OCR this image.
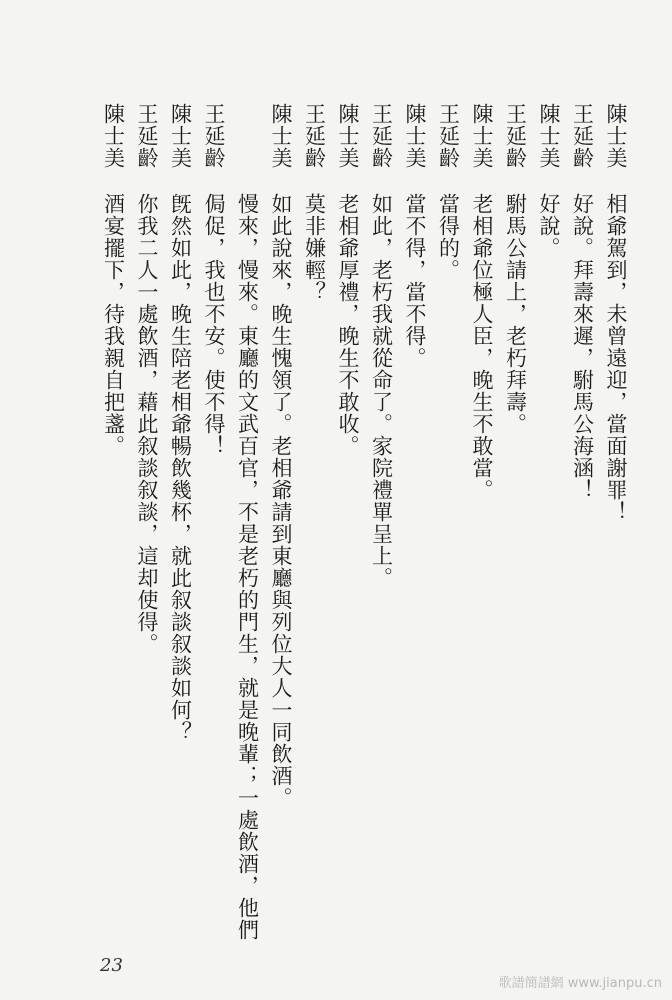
陳士美相爺駕到，未曾遠迎，當面謝罪！
王延齡好說。拜壽來遲，駙馬公海涵！
陳士美好說。
王延齡駙馬公請上，老朽拜壽。
陳士美老相爺位極人臣，晚生不敢當。
王延齡當得的。
陳士美當不得，當不得。
王延齡如此，老朽我就從命了。家院禮單呈上。
陳士美老相爺厚禮，晚生不敢收。
王延齡莫非嫌輕？
陳士美如此說來，晚生愧領了。老相爺請到東廳與列位大人一同飲酒。
慢來，慢來。東廳的文武百官，不是老朽的門生，就是晚輩；一處飲酒，他們
王延齡侷促，我也不安。使不得！
陳士美旣然如此，晚生陪老相爺暢飲幾杯，就此叙談叙談如何？
王延齡你我二人一處飲酒，藉此叙談叙談，這却使得。
陳士美酒宴擺下，待我親自把盞。
23
歌譜簡譜網 www.jianpu.cn
